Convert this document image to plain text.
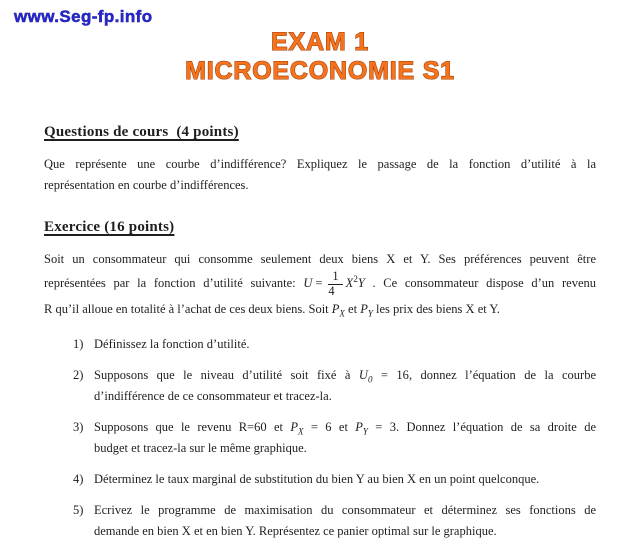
www.Seg-fp.info
EXAM 1
MICROECONOMIE S1
Questions de cours  (4 points)
Que représente une courbe d’indifférence? Expliquez le passage de la fonction d’utilité à la
représentation en courbe d’indifférences.
Exercice (16 points)
Soit un consommateur qui consomme seulement deux biens X et Y. Ses préférences peuvent être
représentées par la fonction d’utilité suivante: $U = \frac{1}{4} X^2Y$ . Ce consommateur dispose d’un revenu
R qu’il alloue en totalité à l’achat de ces deux biens. Soit $P_X$ et $P_Y$ les prix des biens X et Y.
1) Définissez la fonction d’utilité.
2) Supposons que le niveau d’utilité soit fixé à $U_0 = 16$, donnez l’équation de la courbe
d’indifférence de ce consommateur et tracez-la.
3) Supposons que le revenu R=60 et $P_X = 6$ et $P_Y = 3$. Donnez l’équation de sa droite de
budget et tracez-la sur le même graphique.
4) Déterminez le taux marginal de substitution du bien Y au bien X en un point quelconque.
5) Ecrivez le programme de maximisation du consommateur et déterminez ses fonctions de
demande en bien X et en bien Y. Représentez ce panier optimal sur le graphique.
